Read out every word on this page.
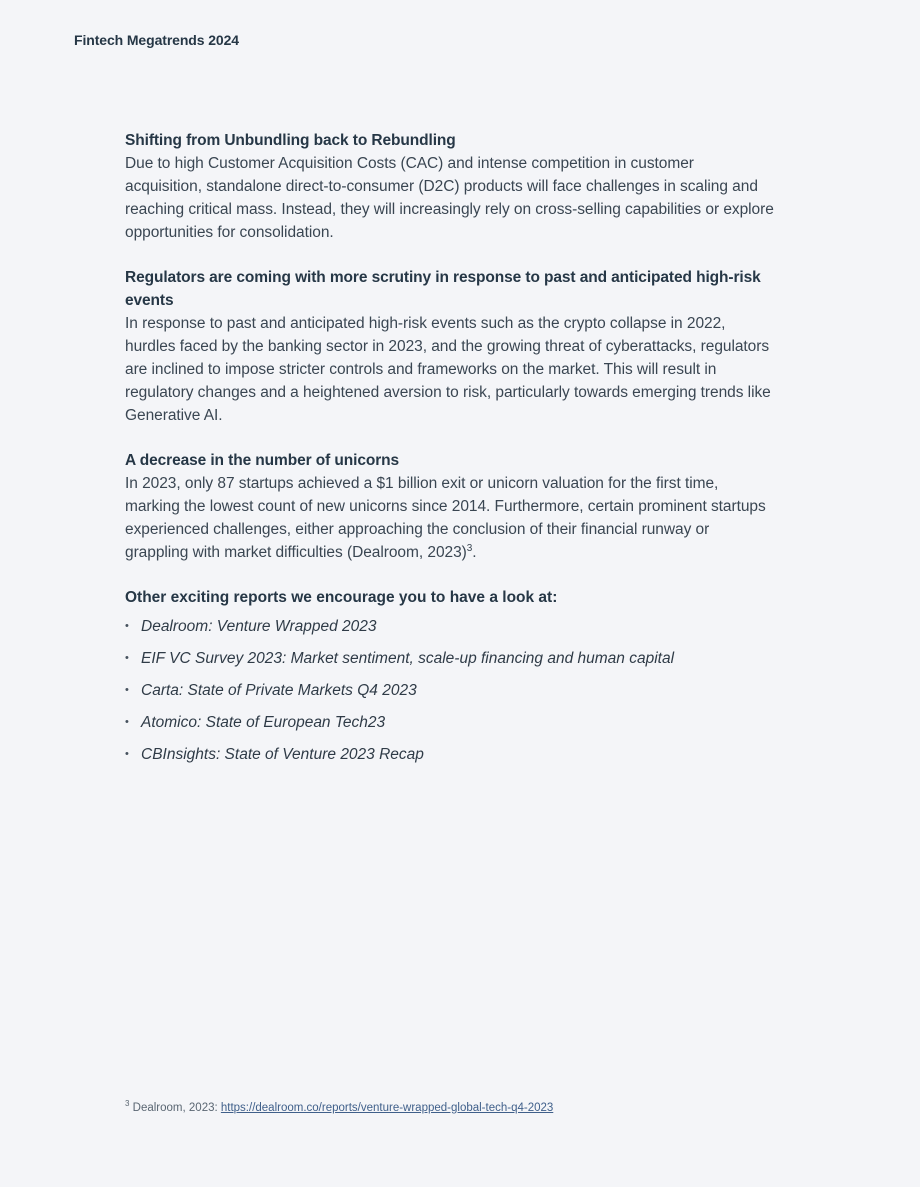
Fintech Megatrends 2024
Shifting from Unbundling back to Rebundling

Due to high Customer Acquisition Costs (CAC) and intense competition in customer acquisition, standalone direct-to-consumer (D2C) products will face challenges in scaling and reaching critical mass. Instead, they will increasingly rely on cross-selling capabilities or explore opportunities for consolidation.

Regulators are coming with more scrutiny in response to past and anticipated high-risk events

In response to past and anticipated high-risk events such as the crypto collapse in 2022, hurdles faced by the banking sector in 2023, and the growing threat of cyberattacks, regulators are inclined to impose stricter controls and frameworks on the market. This will result in regulatory changes and a heightened aversion to risk, particularly towards emerging trends like Generative AI.

A decrease in the number of unicorns

In 2023, only 87 startups achieved a $1 billion exit or unicorn valuation for the first time, marking the lowest count of new unicorns since 2014. Furthermore, certain prominent startups experienced challenges, either approaching the conclusion of their financial runway or grappling with market difficulties (Dealroom, 2023)$^3$.

Other exciting reports we encourage you to have a look at:
• Dealroom: Venture Wrapped 2023
• EIF VC Survey 2023: Market sentiment, scale-up financing and human capital
• Carta: State of Private Markets Q4 2023
• Atomico: State of European Tech23
• CBInsights: State of Venture 2023 Recap
$^3$ Dealroom, 2023: https://dealroom.co/reports/venture-wrapped-global-tech-q4-2023
